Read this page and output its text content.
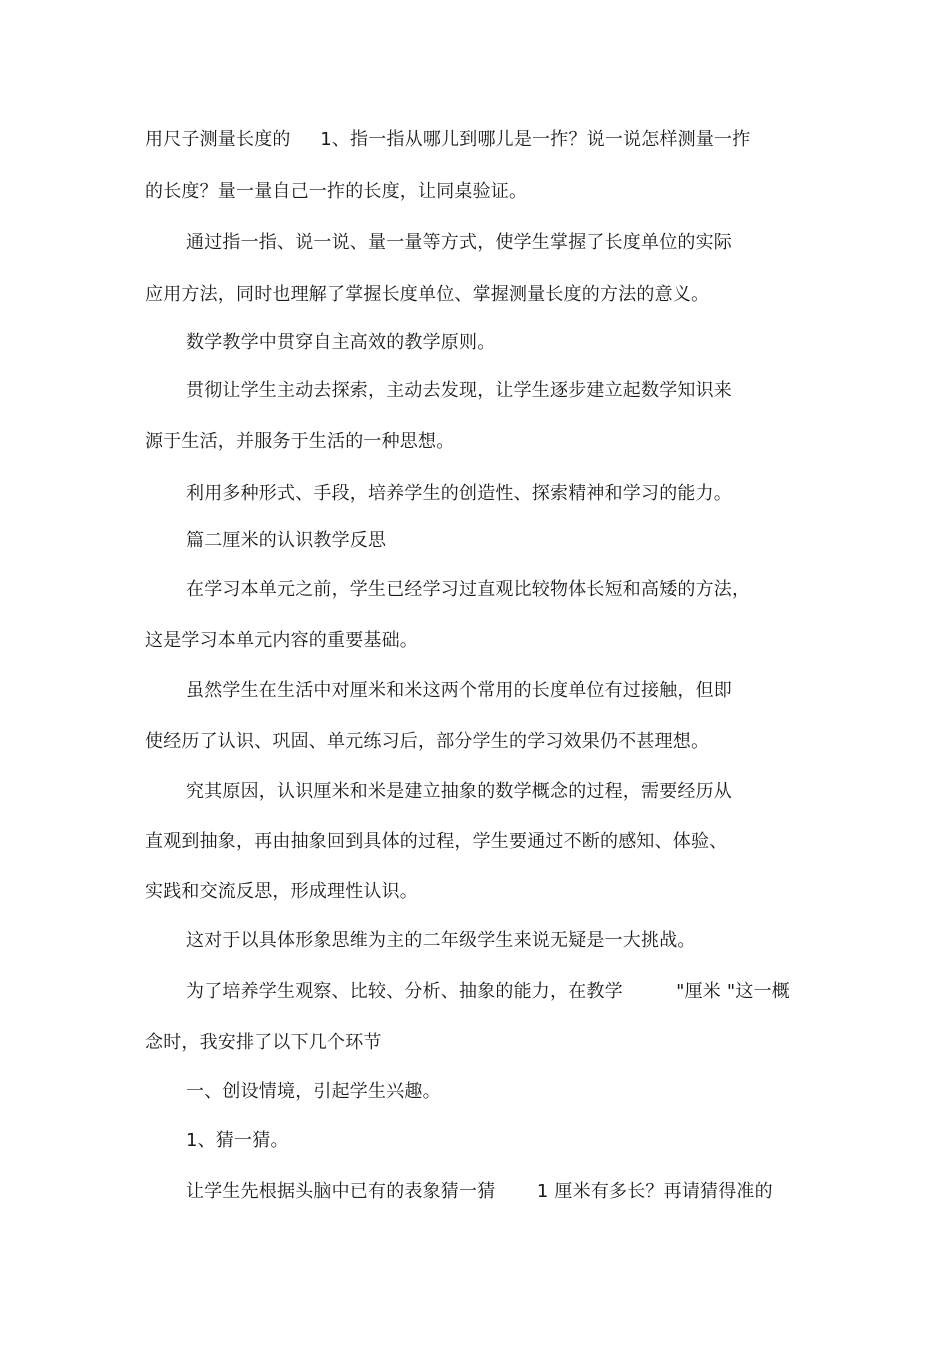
用尺子测量长度的     1、指一指从哪儿到哪儿是一拃？说一说怎样测量一拃
的长度？量一量自己一拃的长度，让同桌验证。
通过指一指、说一说、量一量等方式，使学生掌握了长度单位的实际
应用方法，同时也理解了掌握长度单位、掌握测量长度的方法的意义。
数学教学中贯穿自主高效的教学原则。
贯彻让学生主动去探索，主动去发现，让学生逐步建立起数学知识来
源于生活，并服务于生活的一种思想。
利用多种形式、手段，培养学生的创造性、探索精神和学习的能力。
篇二厘米的认识教学反思
在学习本单元之前，学生已经学习过直观比较物体长短和高矮的方法，
这是学习本单元内容的重要基础。
虽然学生在生活中对厘米和米这两个常用的长度单位有过接触，但即
使经历了认识、巩固、单元练习后，部分学生的学习效果仍不甚理想。
究其原因，认识厘米和米是建立抽象的数学概念的过程，需要经历从
直观到抽象，再由抽象回到具体的过程，学生要通过不断的感知、体验、
实践和交流反思，形成理性认识。
这对于以具体形象思维为主的二年级学生来说无疑是一大挑战。
为了培养学生观察、比较、分析、抽象的能力，在教学         "厘米 "这一概
念时，我安排了以下几个环节
一、创设情境，引起学生兴趣。
1、猜一猜。
让学生先根据头脑中已有的表象猜一猜       1 厘米有多长？再请猜得准的
